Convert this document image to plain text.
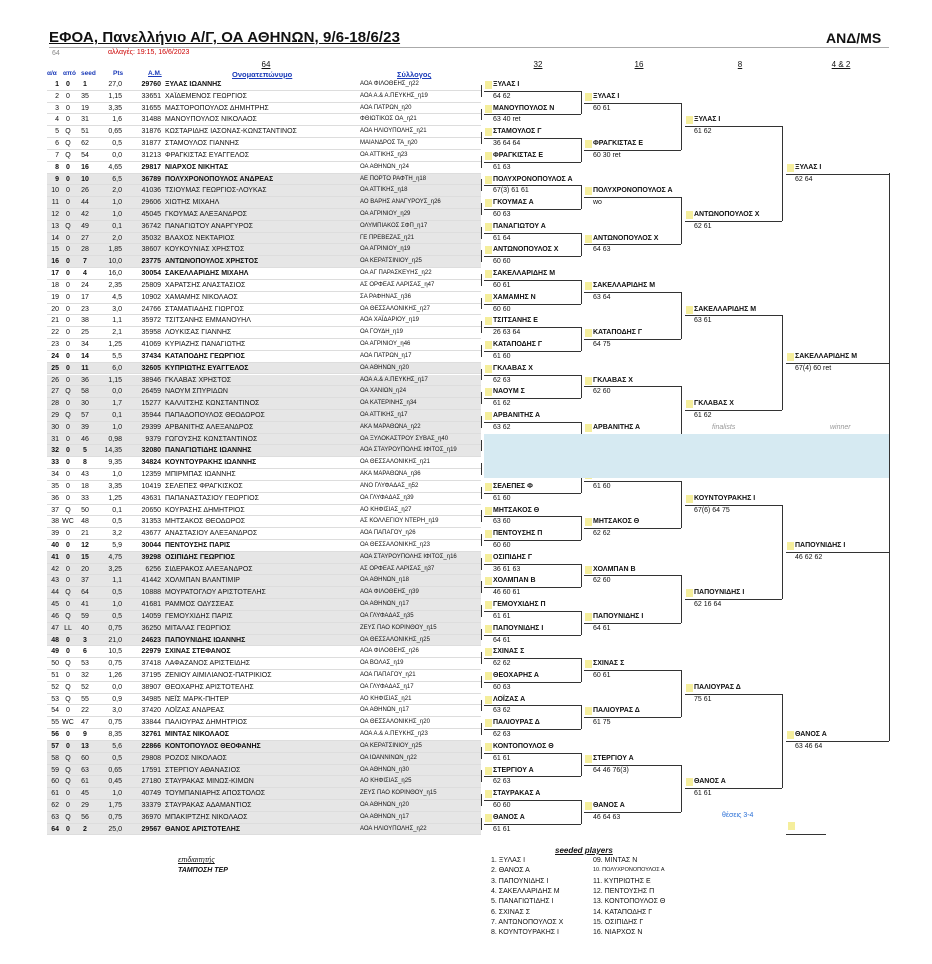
ΕΦΟΑ, Πανελλήνιο Α/Γ, ΟΑ ΑΘΗΝΩΝ, 9/6-18/6/23	ΑΝΔ/MS
64	αλλαγές: 19:15, 16/6/2023
64	32	16	8	4 & 2
α/α από seed	Pts	Α.Μ.	Ονοματεπώνυμο	Σύλλογος
1	0	1	27,0	29760 ΞΥΛΑΣ ΙΩΑΝΝΗΣ	ΑΟΑ ΦΙΛΟΘΕΗΣ_η22
2	0	35	1,15	33651 ΧΑΪΔΕΜΕΝΟΣ ΓΕΩΡΓΙΟΣ	ΑΟΑ Α.& Α.ΠΕΥΚΗΣ_η19
3	0	19	3,35	31655 ΜΑΣΤΟΡΟΠΟΥΛΟΣ ΔΗΜΗΤΡΗΣ	ΑΟΑ ΠΑΤΡΩΝ_η20
4	0	31	1,6	31488 ΜΑΝΟΥΠΟΥΛΟΣ ΝΙΚΟΛΑΟΣ	ΦΘΙΩΤΙΚΟΣ ΟΑ_η21
5 Q	51	0,65	31876 ΚΩΣΤΑΡΙΔΗΣ ΙΑΣΟΝΑΣ-ΚΩΝΣΤΑΝΤΙΝΟΣ	ΑΟΑ ΗΛΙΟΥΠΟΛΗΣ_η21
6 Q	62	0,5	31877 ΣΤΑΜΟΥΛΟΣ ΓΙΑΝΝΗΣ	ΜΑΙΑΝΔΡΟΣ ΤΑ_η20
7 Q	54	0,0	31213 ΦΡΑΓΚΙΣΤΑΣ ΕΥΑΓΓΕΛΟΣ	ΟΑ ΑΤΤΙΚΗΣ_η23
8	0	16	4,65	29817 ΝΙΑΡΧΟΣ ΝΙΚΗΤΑΣ	ΟΑ ΑΘΗΝΩΝ_η24
9	0	10	6,5	36789 ΠΟΛΥΧΡΟΝΟΠΟΥΛΟΣ ΑΝΔΡΕΑΣ	ΑΕ ΠΟΡΤΟ ΡΑΦΤΗ_η18
10	0	26	2,0	41036 ΤΣΙΟΥΜΑΣ ΓΕΩΡΓΙΟΣ-ΛΟΥΚΑΣ	ΟΑ ΑΤΤΙΚΗΣ_η18
11	0	44	1,0	29606 ΧΙΩΤΗΣ ΜΙΧΑΗΛ	ΑΟ ΒΑΡΗΣ ΑΝΑΓΥΡΟΥΣ_η26
12	0	42	1,0	45045 ΓΚΟΥΜΑΣ ΑΛΕΞΑΝΔΡΟΣ	ΟΑ ΑΓΡΙΝΙΟΥ_η29
13 Q	49	0,1	36742 ΠΑΝΑΓΙΩΤΟΥ ΑΝΑΡΓΥΡΟΣ	ΟΛΥΜΠΙΑΚΟΣ ΣΦΠ_η17
14	0	27	2,0	35032 ΒΛΑΧΟΣ ΝΕΚΤΑΡΙΟΣ	ΓΕ ΠΡΕΒΕΖΑΣ_η21
15	0	28	1,85	38607 ΚΟΥΚΟΥΝΙΑΣ ΧΡΗΣΤΟΣ	ΟΑ ΑΓΡΙΝΙΟΥ_η19
16	0	7	10,0	23775 ΑΝΤΩΝΟΠΟΥΛΟΣ ΧΡΗΣΤΟΣ	ΟΑ ΚΕΡΑΤΣΙΝΙΟΥ_η25
17	0	4	16,0	30054 ΣΑΚΕΛΛΑΡΙΔΗΣ ΜΙΧΑΗΛ	ΟΑ ΑΓ ΠΑΡΑΣΚΕΥΗΣ_η22
18	0	24	2,35	25809 ΧΑΡΑΤΣΗΣ ΑΝΑΣΤΑΣΙΟΣ	ΑΣ ΟΡΦΕΑΣ ΛΑΡΙΣΑΣ_η47
19	0	17	4,5	10902 ΧΑΜΑΜΗΣ ΝΙΚΟΛΑΟΣ	ΣΑ ΡΑΦΗΝΑΣ_η36
20	0	23	3,0	24766 ΣΤΑΜΑΤΙΑΔΗΣ ΓΙΩΡΓΟΣ	ΟΑ ΘΕΣΣΑΛΟΝΙΚΗΣ_η27
21	0	38	1,1	35972 ΤΣΙΤΣΑΝΗΣ ΕΜΜΑΝΟΥΗΛ	ΑΟΑ ΧΑΪΔΑΡΙΟΥ_η19
22	0	25	2,1	35958 ΛΟΥΚΙΣΑΣ ΓΙΑΝΝΗΣ	ΟΑ ΓΟΥΔΗ_η19
23	0	34	1,25	41069 ΚΥΡΙΑΖΗΣ ΠΑΝΑΓΙΩΤΗΣ	ΟΑ ΑΓΡΙΝΙΟΥ_η46
24	0	14	5,5	37434 ΚΑΤΑΠΟΔΗΣ ΓΕΩΡΓΙΟΣ	ΑΟΑ ΠΑΤΡΩΝ_η17
25	0	11	6,0	32605 ΚΥΠΡΙΩΤΗΣ ΕΥΑΓΓΕΛΟΣ	ΟΑ ΑΘΗΝΩΝ_η20
26	0	36	1,15	38946 ΓΚΛΑΒΑΣ ΧΡΗΣΤΟΣ	ΑΟΑ Α.& Α.ΠΕΥΚΗΣ_η17
27 Q	58	0,0	26459 ΝΑΟΥΜ ΣΠΥΡΙΔΩΝ	ΟΑ ΧΑΝΙΩΝ_η24
28	0	30	1,7	15277 ΚΑΛΛΙΤΣΗΣ ΚΩΝΣΤΑΝΤΙΝΟΣ	ΟΑ ΚΑΤΕΡΙΝΗΣ_η34
29 Q	57	0,1	35944 ΠΑΠΑΔΟΠΟΥΛΟΣ ΘΕΟΔΩΡΟΣ	ΟΑ ΑΤΤΙΚΗΣ_η17
30	0	39	1,0	29399 ΑΡΒΑΝΙΤΗΣ ΑΛΕΞΑΝΔΡΟΣ	ΑΚΑ ΜΑΡΑΘΩΝΑ_η22
31	0	46	0,98	9379 ΓΩΓΟΥΣΗΣ ΚΩΝΣΤΑΝΤΙΝΟΣ	ΟΑ ΞΥΛΟΚΑΣΤΡΟΥ ΣΥΒΑΣ_η40
32	0	5	14,35	32080 ΠΑΝΑΓΙΩΤΙΔΗΣ ΙΩΑΝΝΗΣ	ΑΟΑ ΣΤΑΥΡΟΥΠΟΛΗΣ ΙΦΙΤΟΣ_η19
33	0	8	9,35	34824 ΚΟΥΝΤΟΥΡΑΚΗΣ ΙΩΑΝΝΗΣ	ΟΑ ΘΕΣΣΑΛΟΝΙΚΗΣ_η21
34	0	43	1,0	12359 ΜΠΙΡΜΠΑΣ ΙΩΑΝΝΗΣ	ΑΚΑ ΜΑΡΑΘΩΝΑ_η36
35	0	18	3,35	10419 ΣΕΛΕΠΕΣ ΦΡΑΓΚΙΣΚΟΣ	ΑΝΟ ΓΛΥΦΑΔΑΣ_η52
36	0	33	1,25	43631 ΠΑΠΑΝΑΣΤΑΣΙΟΥ ΓΕΩΡΓΙΟΣ	ΟΑ ΓΛΥΦΑΔΑΣ_η39
37 Q	50	0,1	20650 ΚΟΥΡΑΣΗΣ ΔΗΜΗΤΡΙΟΣ	ΑΟ ΚΗΦΙΣΙΑΣ_η27
38 WC	48	0,5	31353 ΜΗΤΣΑΚΟΣ ΘΕΟΔΩΡΟΣ	ΑΣ ΚΟΛΛΕΓΙΟΥ ΝΤΕΡΗ_η19
39	0	21	3,2	43677 ΑΝΑΣΤΑΣΙΟΥ ΑΛΕΞΑΝΔΡΟΣ	ΑΟΑ ΠΑΠΑΓΟΥ_η26
40	0	12	5,9	30044 ΠΕΝΤΟΥΣΗΣ ΠΑΡΙΣ	ΟΑ ΘΕΣΣΑΛΟΝΙΚΗΣ_η23
41	0	15	4,75	39298 ΟΣΙΠΙΔΗΣ ΓΕΩΡΓΙΟΣ	ΑΟΑ ΣΤΑΥΡΟΥΠΟΛΗΣ ΙΦΙΤΟΣ_η16
42	0	20	3,25	6256 ΣΙΔΕΡΑΚΟΣ ΑΛΕΞΑΝΔΡΟΣ	ΑΣ ΟΡΦΕΑΣ ΛΑΡΙΣΑΣ_η37
43	0	37	1,1	41442 ΧΟΛΜΠΑΝ ΒΛΑΝΤΙΜΙΡ	ΟΑ ΑΘΗΝΩΝ_η18
44 Q	64	0,5	10888 ΜΟΥΡΑΤΟΓΛΟΥ ΑΡΙΣΤΟΤΕΛΗΣ	ΑΟΑ ΦΙΛΟΘΕΗΣ_η39
45	0	41	1,0	41681 ΡΑΜΜΟΣ ΟΔΥΣΣΕΑΣ	ΟΑ ΑΘΗΝΩΝ_η17
46 Q	59	0,5	14059 ΓΕΜΟΥΧΙΔΗΣ ΠΑΡΙΣ	ΟΑ ΓΛΥΦΑΔΑΣ_η35
47 LL	40	0,75	36250 ΜΙΤΑΛΑΣ ΓΕΩΡΓΙΟΣ	ΖΕΥΣ ΠΑΟ ΚΟΡΙΝΘΟΥ_η15
48	0	3	21,0	24623 ΠΑΠΟΥΝΙΔΗΣ ΙΩΑΝΝΗΣ	ΟΑ ΘΕΣΣΑΛΟΝΙΚΗΣ_η25
49	0	6	10,5	22979 ΣΧΙΝΑΣ ΣΤΕΦΑΝΟΣ	ΑΟΑ ΦΙΛΟΘΕΗΣ_η26
50 Q	53	0,75	37418 ΛΑΦΑΖΑΝΟΣ ΑΡΙΣΤΕΙΔΗΣ	ΟΑ ΒΟΛΑΣ_η19
51	0	32	1,26	37195 ΖΕΝΙΟΥ ΑΙΜΙΛΙΑΝΟΣ-ΠΑΤΡΙΚΙΟΣ	ΑΟΑ ΠΑΠΑΓΟΥ_η21
52 Q	52	0,0	38907 ΘΕΟΧΑΡΗΣ ΑΡΙΣΤΟΤΕΛΗΣ	ΟΑ ΓΛΥΦΑΔΑΣ_η17
53 Q	55	0,9	34985 ΝΕΪΣ ΜΑΡΚ-ΠΗΤΕΡ	ΑΟ ΚΗΦΙΣΙΑΣ_η21
54	0	22	3,0	37420 ΛΟΪΖΑΣ ΑΝΔΡΕΑΣ	ΟΑ ΑΘΗΝΩΝ_η17
55 WC	47	0,75	33844 ΠΑΛΙΟΥΡΑΣ ΔΗΜΗΤΡΙΟΣ	ΟΑ ΘΕΣΣΑΛΟΝΙΚΗΣ_η20
56	0	9	8,35	32761 ΜΙΝΤΑΣ ΝΙΚΟΛΑΟΣ	ΑΟΑ Α.& Α.ΠΕΥΚΗΣ_η23
57	0	13	5,6	22866 ΚΟΝΤΟΠΟΥΛΟΣ ΘΕΟΦΑΝΗΣ	ΟΑ ΚΕΡΑΤΣΙΝΙΟΥ_η25
58 Q	60	0,5	29808 ΡΟΖΟΣ ΝΙΚΟΛΑΟΣ	ΟΑ ΙΩΑΝΝΙΝΩΝ_η22
59 Q	63	0,65	17591 ΣΤΕΡΓΙΟΥ ΑΘΑΝΑΣΙΟΣ	ΟΑ ΑΘΗΝΩΝ_η30
60 Q	61	0,45	27180 ΣΤΑΥΡΑΚΑΣ ΜΙΝΩΣ-ΚΙΜΩΝ	ΑΟ ΚΗΦΙΣΙΑΣ_η25
61	0	45	1,0	40749 ΤΟΥΜΠΑΝΙΑΡΗΣ ΑΠΟΣΤΟΛΟΣ	ΖΕΥΣ ΠΑΟ ΚΟΡΙΝΘΟΥ_η15
62	0	29	1,75	33379 ΣΤΑΥΡΑΚΑΣ ΑΔΑΜΑΝΤΙΟΣ	ΟΑ ΑΘΗΝΩΝ_η20
63 Q	56	0,75	36970 ΜΠΑΚΙΡΤΖΗΣ ΝΙΚΟΛΑΟΣ	ΟΑ ΑΘΗΝΩΝ_η17
64	0	2	25,0	29567 ΘΑΝΟΣ ΑΡΙΣΤΟΤΕΛΗΣ	ΑΟΑ ΗΛΙΟΥΠΟΛΗΣ_η22
ΞΥΛΑΣ Ι
64 62
ΜΑΝΟΥΠΟΥΛΟΣ Ν
63 40 ret
ΣΤΑΜΟΥΛΟΣ Γ
36 64 64
ΦΡΑΓΚΙΣΤΑΣ Ε
61 63
ΠΟΛΥΧΡΟΝΟΠΟΥΛΟΣ Α
67(3) 61 61
ΓΚΟΥΜΑΣ Α
60 63
ΠΑΝΑΓΙΩΤΟΥ Α
61 64
ΑΝΤΩΝΟΠΟΥΛΟΣ Χ
60 60
ΣΑΚΕΛΛΑΡΙΔΗΣ Μ
60 61
ΧΑΜΑΜΗΣ Ν
60 60
ΤΣΙΤΣΑΝΗΣ Ε
26 63 64
ΚΑΤΑΠΟΔΗΣ Γ
61 60
ΓΚΛΑΒΑΣ Χ
62 63
ΝΑΟΥΜ Σ
61 62
ΑΡΒΑΝΙΤΗΣ Α
63 62
ΣΕΛΕΠΕΣ Φ
61 60
ΜΗΤΣΑΚΟΣ Θ
63 60
ΠΕΝΤΟΥΣΗΣ Π
60 60
ΟΣΙΠΙΔΗΣ Γ
36 61 63
ΧΟΛΜΠΑΝ Β
46 60 61
ΓΕΜΟΥΧΙΔΗΣ Π
61 61
ΠΑΠΟΥΝΙΔΗΣ Ι
64 61
ΣΧΙΝΑΣ Σ
62 62
ΘΕΟΧΑΡΗΣ Α
60 63
ΛΟΪΖΑΣ Α
63 62
ΠΑΛΙΟΥΡΑΣ Δ
62 63
ΚΟΝΤΟΠΟΥΛΟΣ Θ
61 61
ΣΤΕΡΓΙΟΥ Α
62 63
ΣΤΑΥΡΑΚΑΣ Α
60 60
ΘΑΝΟΣ Α
61 61
ΞΥΛΑΣ Ι
60 61
ΦΡΑΓΚΙΣΤΑΣ Ε
60 30 ret
ΠΟΛΥΧΡΟΝΟΠΟΥΛΟΣ Α
wo
ΑΝΤΩΝΟΠΟΥΛΟΣ Χ
64 63
ΣΑΚΕΛΛΑΡΙΔΗΣ Μ
63 64
ΚΑΤΑΠΟΔΗΣ Γ
64 75
ΓΚΛΑΒΑΣ Χ
62 60
ΑΡΒΑΝΙΤΗΣ Α
61 60
ΜΗΤΣΑΚΟΣ Θ
62 62
ΧΟΛΜΠΑΝ Β
62 60
ΠΑΠΟΥΝΙΔΗΣ Ι
64 61
ΣΧΙΝΑΣ Σ
60 61
ΠΑΛΙΟΥΡΑΣ Δ
61 75
ΣΤΕΡΓΙΟΥ Α
64 46 76(3)
ΘΑΝΟΣ Α
46 64 63
ΞΥΛΑΣ Ι
61 62
ΑΝΤΩΝΟΠΟΥΛΟΣ Χ
62 61
ΣΑΚΕΛΛΑΡΙΔΗΣ Μ
63 61
ΓΚΛΑΒΑΣ Χ
61 62
ΚΟΥΝΤΟΥΡΑΚΗΣ Ι
67(6) 64 75
ΠΑΠΟΥΝΙΔΗΣ Ι
62 16 64
ΠΑΛΙΟΥΡΑΣ Δ
75 61
ΘΑΝΟΣ Α
61 61
ΞΥΛΑΣ Ι
62 64
ΣΑΚΕΛΛΑΡΙΔΗΣ Μ
67(4) 60 ret
ΠΑΠΟΥΝΙΔΗΣ Ι
46 62 62
ΘΑΝΟΣ Α
63 46 64
finalists	winner
θέσεις 3-4
επιδιαιτητής
ΤΑΜΠΟΣΗ ΤΕΡ
seeded players
1. ΞΥΛΑΣ Ι
2. ΘΑΝΟΣ Α
3. ΠΑΠΟΥΝΙΔΗΣ Ι
4. ΣΑΚΕΛΛΑΡΙΔΗΣ Μ
5. ΠΑΝΑΓΙΩΤΙΔΗΣ Ι
6. ΣΧΙΝΑΣ Σ
7. ΑΝΤΩΝΟΠΟΥΛΟΣ Χ
8. ΚΟΥΝΤΟΥΡΑΚΗΣ Ι
09. ΜΙΝΤΑΣ Ν
10. ΠΟΛΥΧΡΟΝΟΠΟΥΛΟΣ Α
11. ΚΥΠΡΙΩΤΗΣ Ε
12. ΠΕΝΤΟΥΣΗΣ Π
13. ΚΟΝΤΟΠΟΥΛΟΣ Θ
14. ΚΑΤΑΠΟΔΗΣ Γ
15. ΟΣΙΠΙΔΗΣ Γ
16. ΝΙΑΡΧΟΣ Ν
